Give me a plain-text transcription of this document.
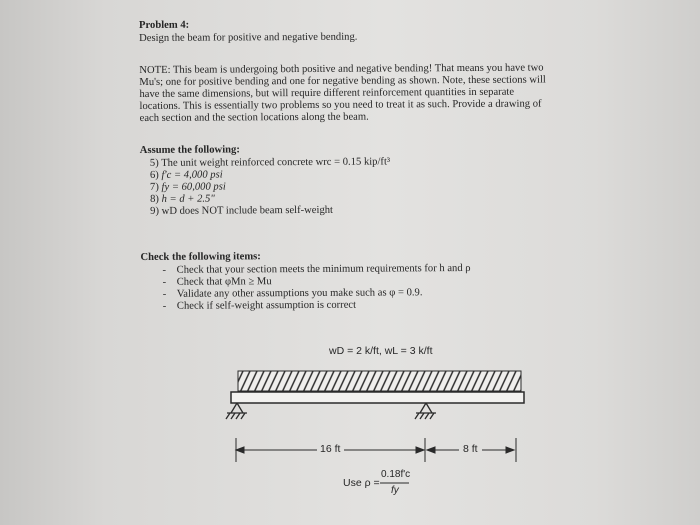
Problem 4:
Design the beam for positive and negative bending.
NOTE: This beam is undergoing both positive and negative bending! That means you have two
Mu's; one for positive bending and one for negative bending as shown. Note, these sections will
have the same dimensions, but will require different reinforcement quantities in separate
locations. This is essentially two problems so you need to treat it as such. Provide a drawing of
each section and the section locations along the beam.
Assume the following:
5) The unit weight reinforced concrete wrc = 0.15 kip/ft³
6) f'c = 4,000 psi
7) fy = 60,000 psi
8) h = d + 2.5"
9) wD does NOT include beam self-weight
Check the following items:
-    Check that your section meets the minimum requirements for h and ρ
-    Check that φMn ≥ Mu
-    Validate any other assumptions you make such as φ = 0.9.
-    Check if self-weight assumption is correct
wD = 2 k/ft, wL = 3 k/ft
16 ft	8 ft
Use ρ =
0.18f'c
fy
